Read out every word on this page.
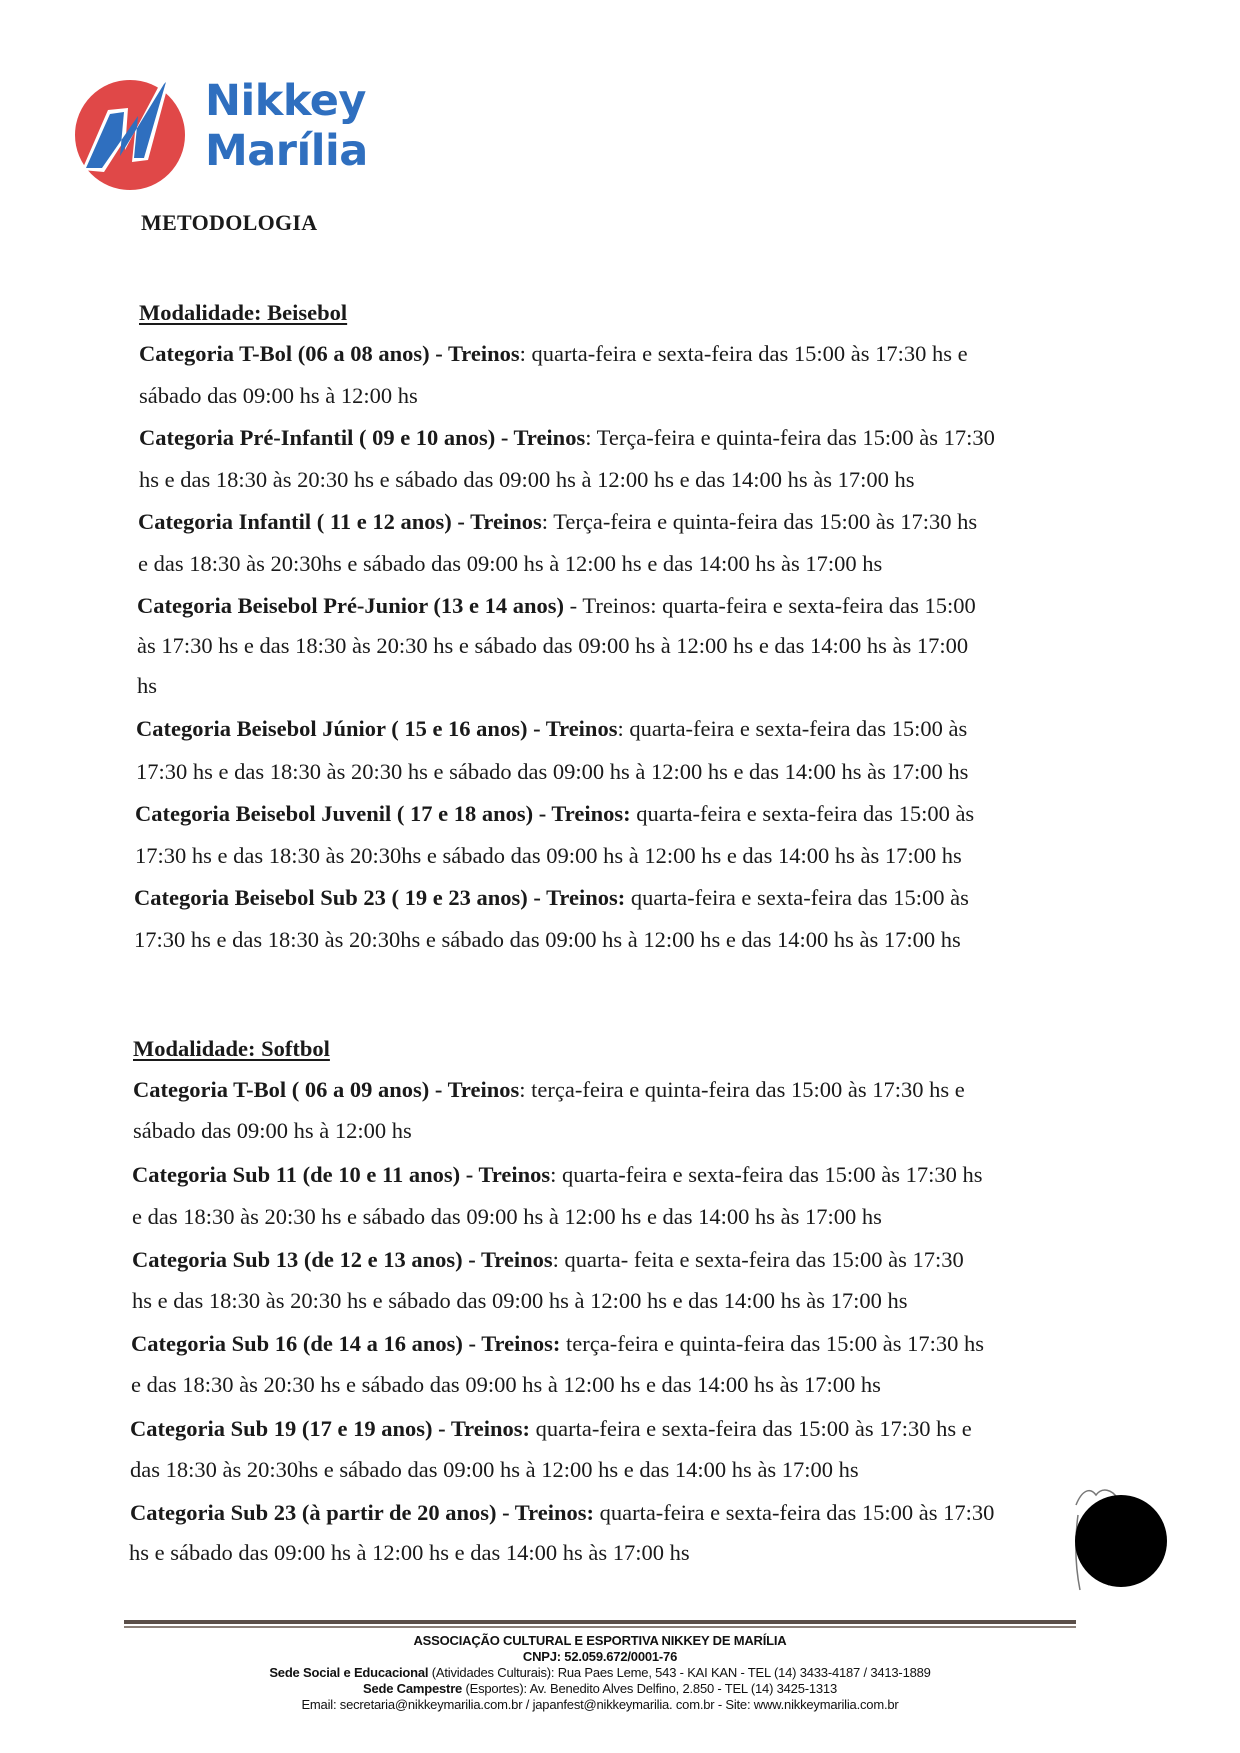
Nikkey
Marília
METODOLOGIA
Modalidade: Beisebol
Categoria T-Bol (06 a 08 anos) - Treinos: quarta-feira e sexta-feira das 15:00 às 17:30 hs e
sábado das 09:00 hs à 12:00 hs
Categoria Pré-Infantil ( 09 e 10 anos) - Treinos: Terça-feira e quinta-feira das 15:00 às 17:30
hs e das 18:30 às 20:30 hs e sábado das 09:00 hs à 12:00 hs e das 14:00 hs às 17:00 hs
Categoria Infantil ( 11 e 12 anos) - Treinos: Terça-feira e quinta-feira das 15:00 às 17:30 hs
e das 18:30 às 20:30hs e sábado das 09:00 hs à 12:00 hs e das 14:00 hs às 17:00 hs
Categoria Beisebol Pré-Junior (13 e 14 anos) - Treinos: quarta-feira e sexta-feira das 15:00
às 17:30 hs e das 18:30 às 20:30 hs e sábado das 09:00 hs à 12:00 hs e das 14:00 hs às 17:00
hs
Categoria Beisebol Júnior ( 15 e 16 anos) - Treinos: quarta-feira e sexta-feira das 15:00 às
17:30 hs e das 18:30 às 20:30 hs e sábado das 09:00 hs à 12:00 hs e das 14:00 hs às 17:00 hs
Categoria Beisebol Juvenil ( 17 e 18 anos) - Treinos: quarta-feira e sexta-feira das 15:00 às
17:30 hs e das 18:30 às 20:30hs e sábado das 09:00 hs à 12:00 hs e das 14:00 hs às 17:00 hs
Categoria Beisebol Sub 23 ( 19 e 23 anos) - Treinos: quarta-feira e sexta-feira das 15:00 às
17:30 hs e das 18:30 às 20:30hs e sábado das 09:00 hs à 12:00 hs e das 14:00 hs às 17:00 hs
Modalidade: Softbol
Categoria T-Bol ( 06 a 09 anos) - Treinos: terça-feira e quinta-feira das 15:00 às 17:30 hs e
sábado das 09:00 hs à 12:00 hs
Categoria Sub 11 (de 10 e 11 anos) - Treinos: quarta-feira e sexta-feira das 15:00 às 17:30 hs
e das 18:30 às 20:30 hs e sábado das 09:00 hs à 12:00 hs e das 14:00 hs às 17:00 hs
Categoria Sub 13 (de 12 e 13 anos) - Treinos: quarta- feita e sexta-feira das 15:00 às 17:30
hs e das 18:30 às 20:30 hs e sábado das 09:00 hs à 12:00 hs e das 14:00 hs às 17:00 hs
Categoria Sub 16 (de 14 a 16 anos) - Treinos: terça-feira e quinta-feira das 15:00 às 17:30 hs
e das 18:30 às 20:30 hs e sábado das 09:00 hs à 12:00 hs e das 14:00 hs às 17:00 hs
Categoria Sub 19 (17 e 19 anos) - Treinos: quarta-feira e sexta-feira das 15:00 às 17:30 hs e
das 18:30 às 20:30hs e sábado das 09:00 hs à 12:00 hs e das 14:00 hs às 17:00 hs
Categoria Sub 23 (à partir de 20 anos) - Treinos: quarta-feira e sexta-feira das 15:00 às 17:30
hs e sábado das 09:00 hs à 12:00 hs e das 14:00 hs às 17:00 hs
ASSOCIAÇÃO CULTURAL E ESPORTIVA NIKKEY DE MARÍLIA
CNPJ: 52.059.672/0001-76
Sede Social e Educacional (Atividades Culturais): Rua Paes Leme, 543 - KAI KAN - TEL (14) 3433-4187 / 3413-1889
Sede Campestre (Esportes): Av. Benedito Alves Delfino, 2.850 - TEL (14) 3425-1313
Email: secretaria@nikkeymarilia.com.br / japanfest@nikkeymarilia. com.br - Site: www.nikkeymarilia.com.br
